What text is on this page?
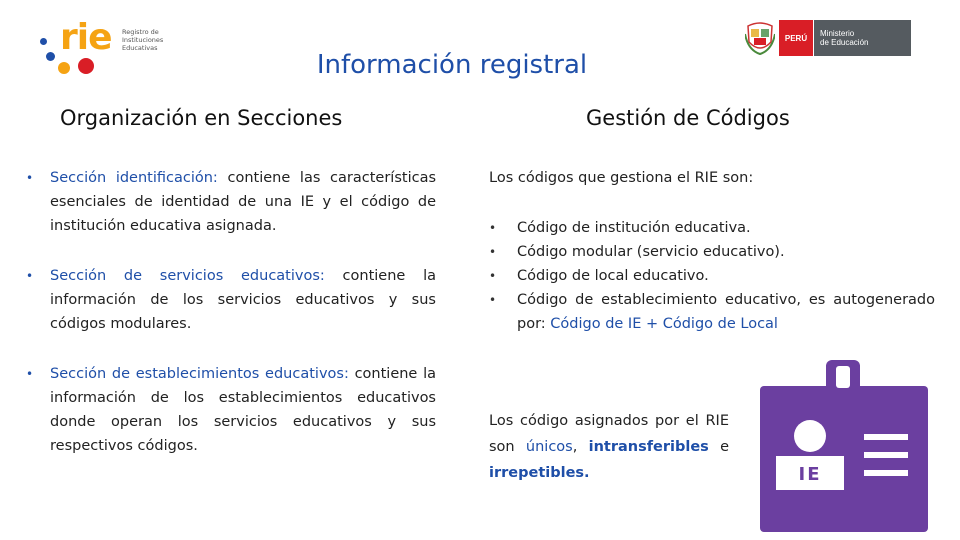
rie Registro de
Instituciones
Educativas
PERÚ	Ministerio
de Educación
Información registral
Organización en Secciones	Gestión de Códigos
•	Sección identificación: contiene las características esenciales de identidad de una IE y el código de institución educativa asignada.
•	Sección de servicios educativos: contiene la información de los servicios educativos y sus códigos modulares.
•	Sección de establecimientos educativos: contiene la información de los establecimientos educativos donde operan los servicios educativos y sus respectivos códigos.
Los códigos que gestiona el RIE son:
•	Código de institución educativa.
•	Código modular (servicio educativo).
•	Código de local educativo.
•	Código de establecimiento educativo, es autogenerado por: Código de IE + Código de Local
Los código asignados por el RIE son únicos, intransferibles e irrepetibles.	IE
